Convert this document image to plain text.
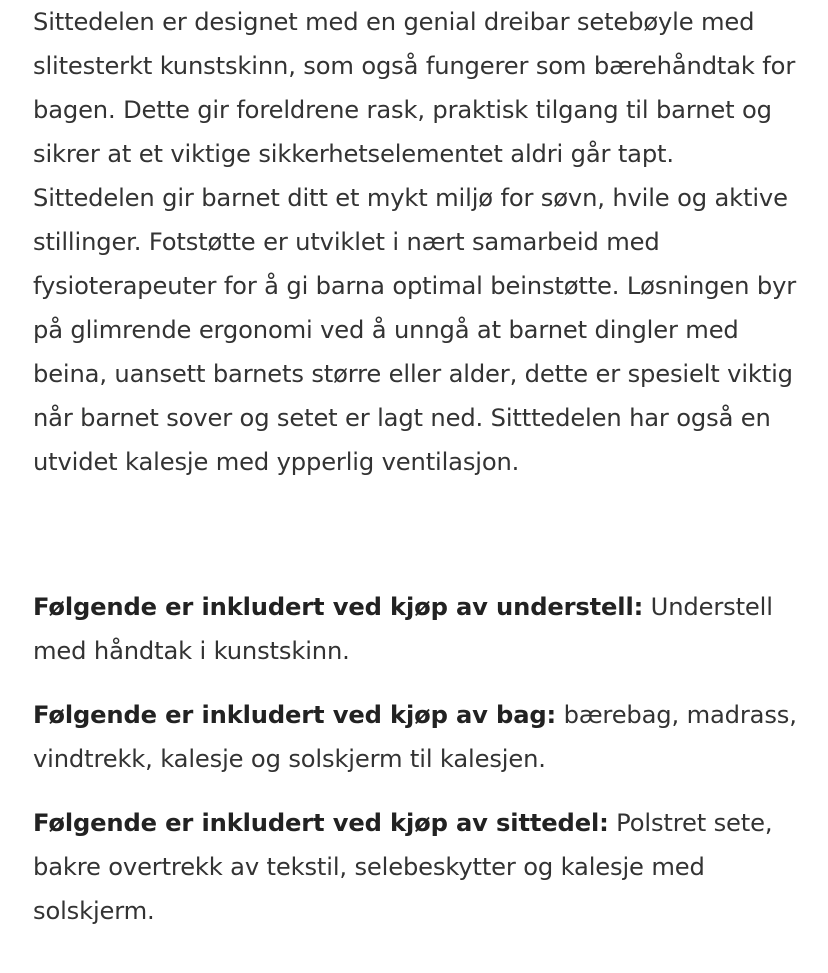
Sittedelen er designet med en genial dreibar setebøyle med slitesterkt kunstskinn, som også fungerer som bærehåndtak for bagen. Dette gir foreldrene rask, praktisk tilgang til barnet og sikrer at et viktige sikkerhetselementet aldri går tapt. Sittedelen gir barnet ditt et mykt miljø for søvn, hvile og aktive stillinger. Fotstøtte er utviklet i nært samarbeid med fysioterapeuter for å gi barna optimal beinstøtte. Løsningen byr på glimrende ergonomi ved å unngå at barnet dingler med beina, uansett barnets større eller alder, dette er spesielt viktig når barnet sover og setet er lagt ned. Sitttedelen har også en utvidet kalesje med ypperlig ventilasjon.

Følgende er inkludert ved kjøp av understell: Understell med håndtak i kunstskinn.

Følgende er inkludert ved kjøp av bag: bærebag, madrass, vindtrekk, kalesje og solskjerm til kalesjen.

Følgende er inkludert ved kjøp av sittedel: Polstret sete, bakre overtrekk av tekstil, selebeskytter og kalesje med solskjerm.
